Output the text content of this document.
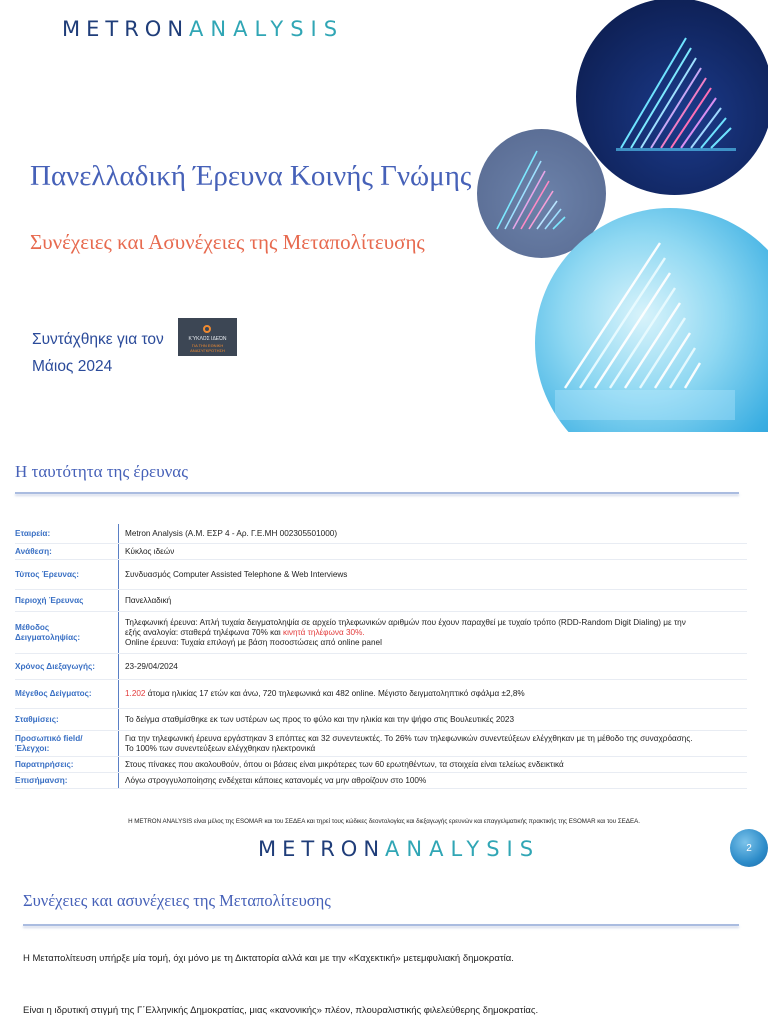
METRONANALYSIS
Πανελλαδική Έρευνα Κοινής Γνώμης
Συνέχειες και Ασυνέχειες της Μεταπολίτευσης
Συντάχθηκε για τον	ΚΎΚΛΟΣ ΙΔΕΏΝ
ΓΙΑ ΤΗΝ ΕΘΝΙΚΗ ΑΝΑΣΥΓΚΡΟΤΗΣΗ
Μάιος 2024
Η ταυτότητα της έρευνας
Εταιρεία:	Metron Analysis (Α.Μ. ΕΣΡ 4 - Αρ. Γ.Ε.ΜΗ 002305501000)
Ανάθεση:	Κύκλος ιδεών
Τύπος Έρευνας:	Συνδυασμός Computer Assisted Telephone & Web Interviews
Περιοχή Έρευνας	Πανελλαδική
Μέθοδος Δειγματοληψίας:
Τηλεφωνική έρευνα: Απλή τυχαία δειγματοληψία σε αρχείο τηλεφωνικών αριθμών που έχουν παραχθεί με τυχαίο τρόπο (RDD-Random Digit Dialing) με την
εξής αναλογία: σταθερά τηλέφωνα 70% και κινητά τηλέφωνα 30%.
Online έρευνα: Τυχαία επιλογή με βάση ποσοστώσεις από online panel
Χρόνος Διεξαγωγής:	23-29/04/2024
Μέγεθος Δείγματος:	1.202 άτομα ηλικίας 17 ετών και άνω, 720 τηλεφωνικά και 482 online. Μέγιστο δειγματοληπτικό σφάλμα ±2,8%
Σταθμίσεις:	Το δείγμα σταθμίσθηκε εκ των υστέρων ως προς το φύλο και την ηλικία και την ψήφο στις Βουλευτικές 2023
Προσωπικό field/Έλεγχοι:
Για την τηλεφωνική έρευνα εργάστηκαν 3 επόπτες και 32 συνεντευκτές. Το 26% των τηλεφωνικών συνεντεύξεων ελέγχθηκαν με τη μέθοδο της συναχρόασης.
Το 100% των συνεντεύξεων ελέγχθηκαν ηλεκτρονικά
Παρατηρήσεις:	Στους πίνακες που ακολουθούν, όπου οι βάσεις είναι μικρότερες των 60 ερωτηθέντων, τα στοιχεία είναι τελείως ενδεικτικά
Επισήμανση:	Λόγω στρογγυλοποίησης ενδέχεται κάποιες κατανομές να μην αθροίζουν στο 100%
Η METRON ANALYSIS είναι μέλος της ESOMAR και του ΣΕΔΕΑ και τηρεί τους κώδικες δεοντολογίας και διεξαγωγής ερευνών και επαγγελματικής πρακτικής της ESOMAR και του ΣΕΔΕΑ.
METRONANALYSIS	2
Συνέχειες και ασυνέχειες της Μεταπολίτευσης
Η Μεταπολίτευση υπήρξε μία τομή, όχι μόνο με τη Δικτατορία αλλά και με την «Καχεκτική» μετεμφυλιακή δημοκρατία.
Είναι η ιδρυτική στιγμή της Γ΄Ελληνικής Δημοκρατίας, μιας «κανονικής» πλέον, πλουραλιστικής φιλελεύθερης δημοκρατίας.
